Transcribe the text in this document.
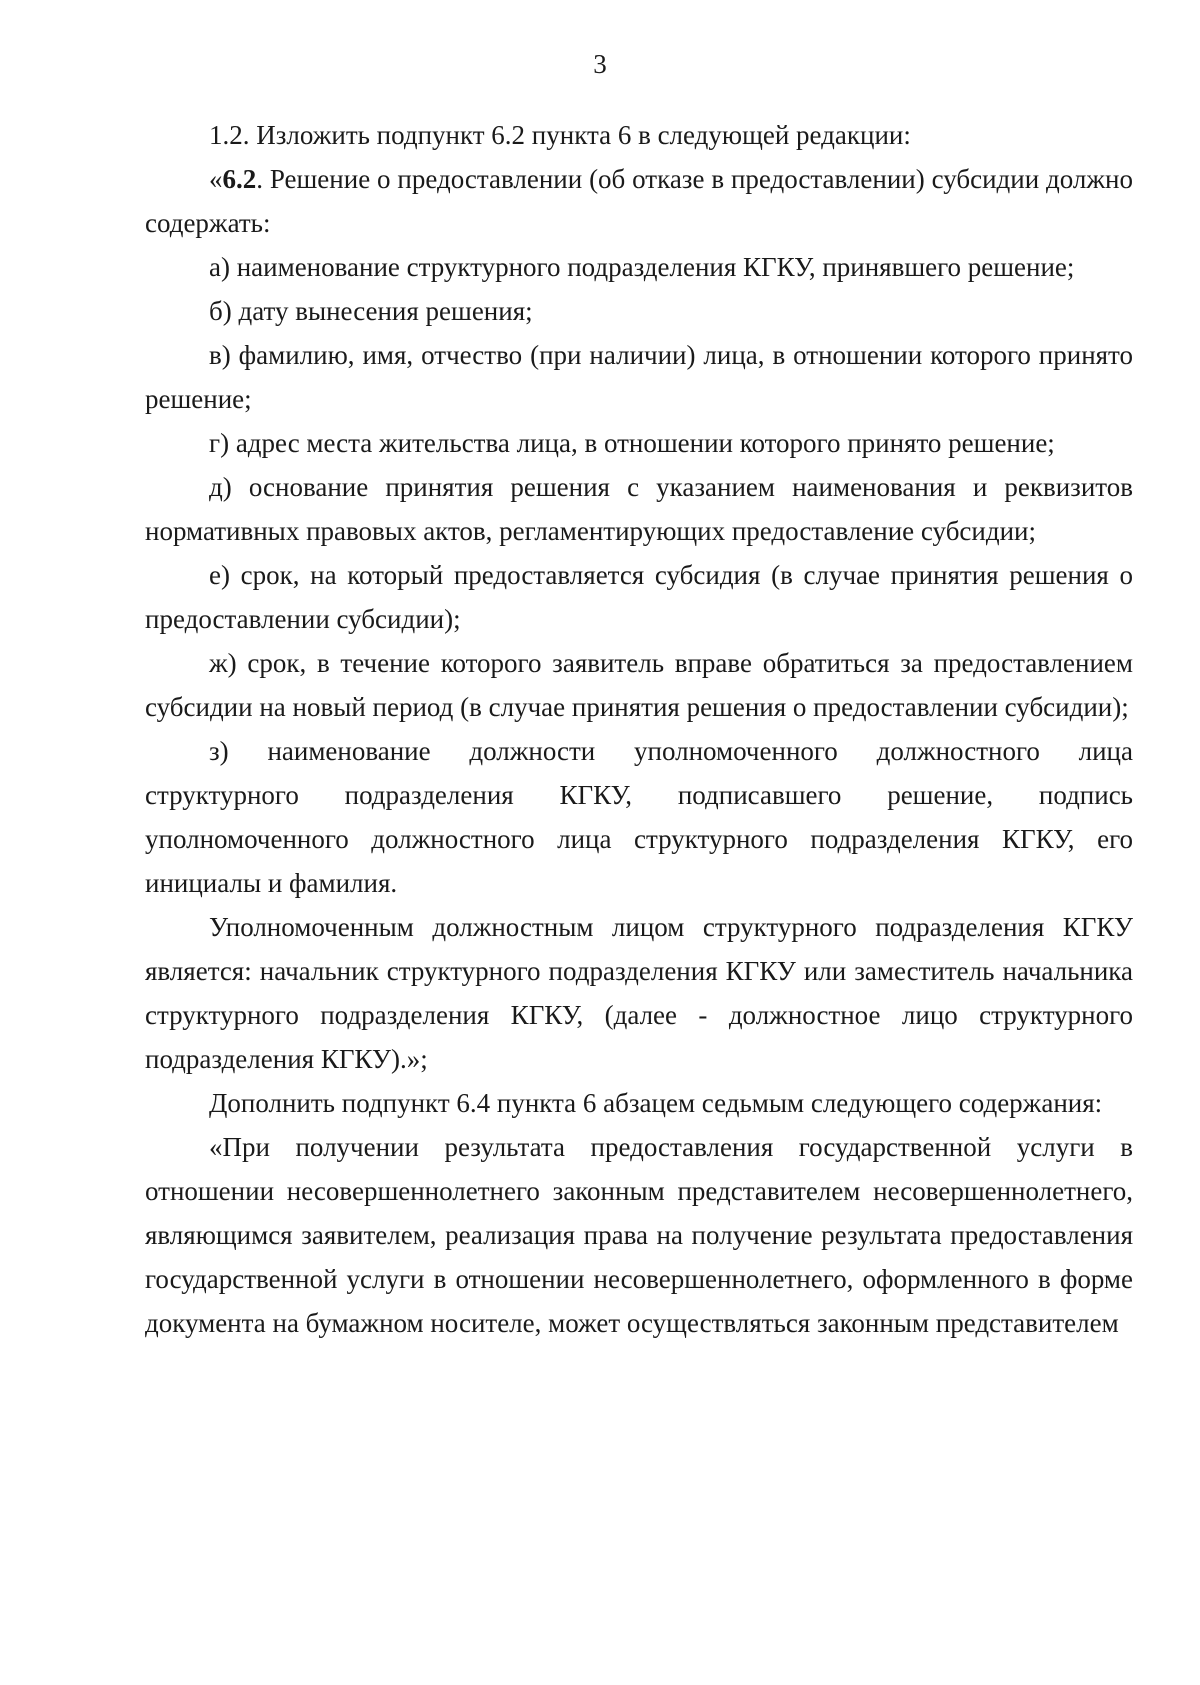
3

1.2. Изложить подпункт 6.2 пункта 6 в следующей редакции:

«6.2. Решение о предоставлении (об отказе в предоставлении) субсидии должно содержать:

а) наименование структурного подразделения КГКУ, принявшего решение;

б) дату вынесения решения;

в) фамилию, имя, отчество (при наличии) лица, в отношении которого принято решение;

г) адрес места жительства лица, в отношении которого принято решение;

д) основание принятия решения с указанием наименования и реквизитов нормативных правовых актов, регламентирующих предоставление субсидии;

е) срок, на который предоставляется субсидия (в случае принятия решения о предоставлении субсидии);

ж) срок, в течение которого заявитель вправе обратиться за предоставлением субсидии на новый период (в случае принятия решения о предоставлении субсидии);

з) наименование должности уполномоченного должностного лица структурного подразделения КГКУ, подписавшего решение, подпись уполномоченного должностного лица структурного подразделения КГКУ, его инициалы и фамилия.

Уполномоченным должностным лицом структурного подразделения КГКУ является: начальник структурного подразделения КГКУ или заместитель начальника структурного подразделения КГКУ, (далее - должностное лицо структурного подразделения КГКУ).»;

Дополнить подпункт 6.4 пункта 6 абзацем седьмым следующего содержания:

«При получении результата предоставления государственной услуги в отношении несовершеннолетнего законным представителем несовершеннолетнего, являющимся заявителем, реализация права на получение результата предоставления государственной услуги в отношении несовершеннолетнего, оформленного в форме документа на бумажном носителе, может осуществляться законным представителем
